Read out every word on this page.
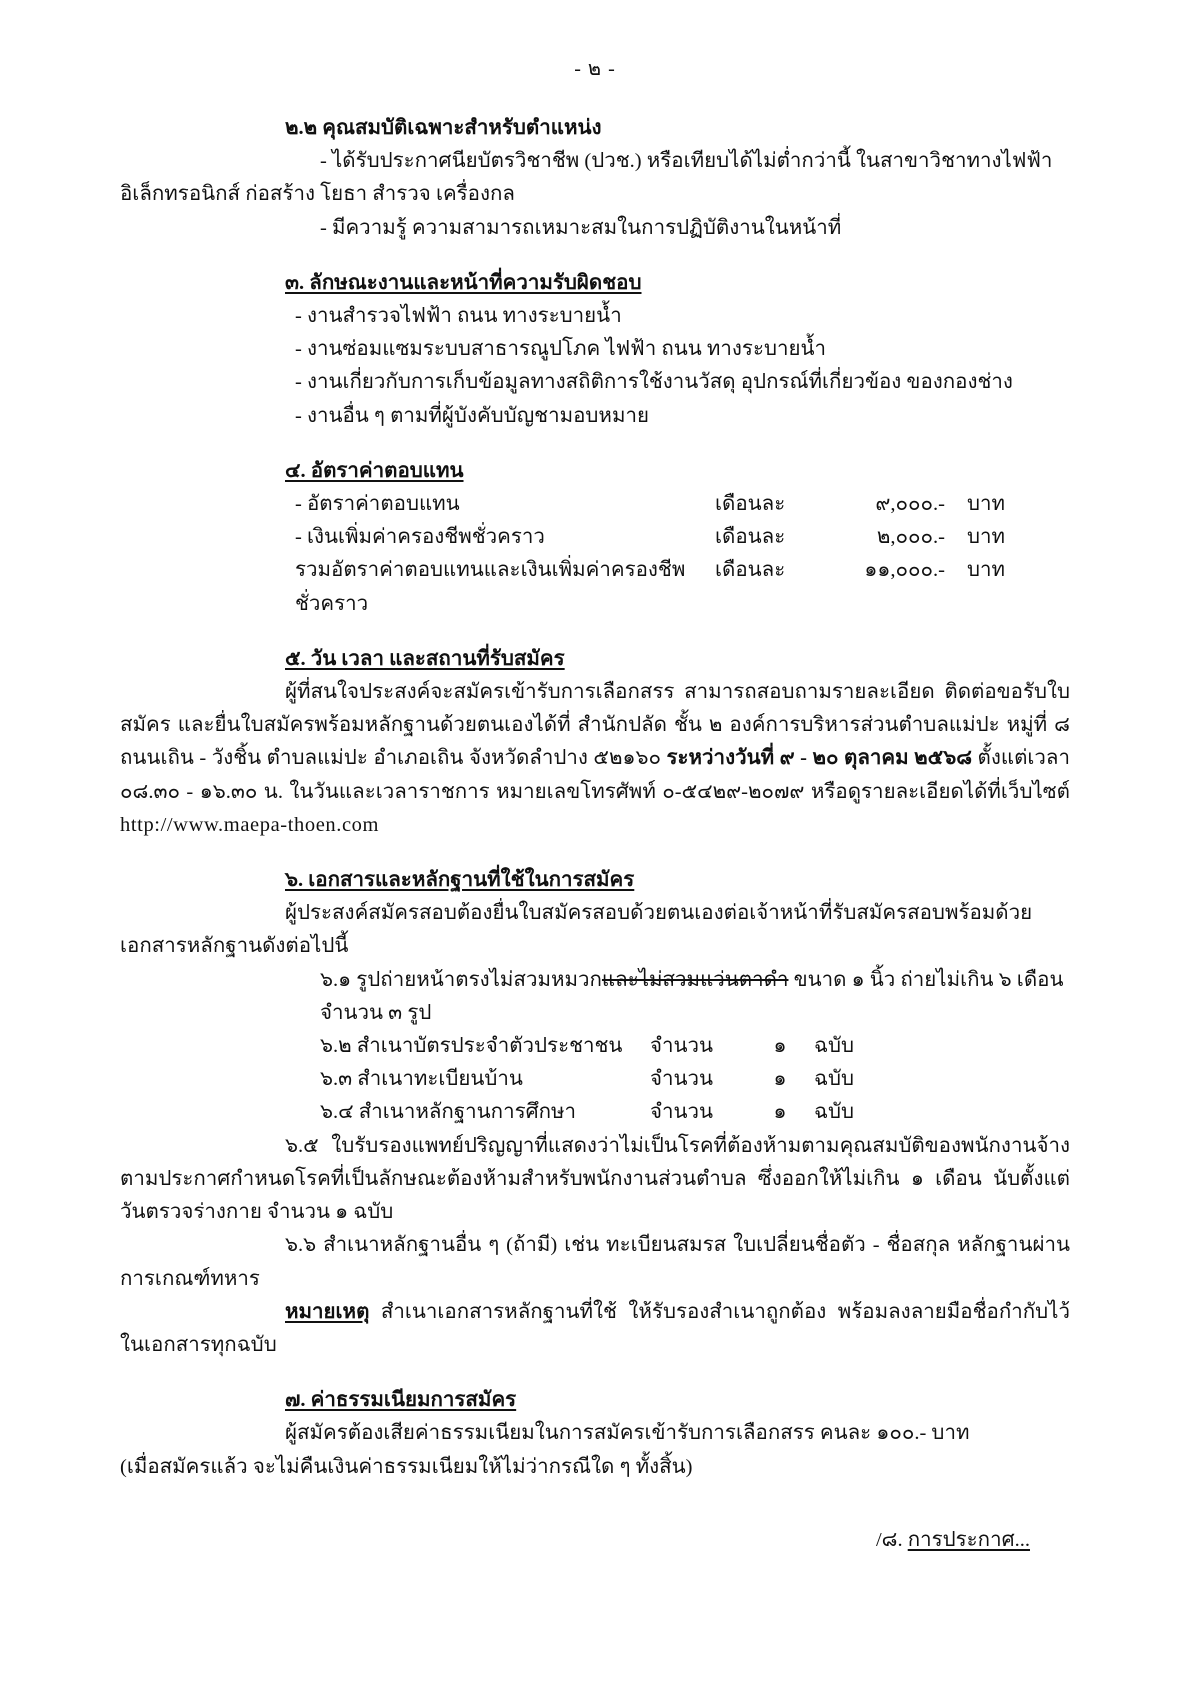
- ๒ -
๒.๒ คุณสมบัติเฉพาะสำหรับตำแหน่ง
- ได้รับประกาศนียบัตรวิชาชีพ (ปวช.) หรือเทียบได้ไม่ต่ำกว่านี้ ในสาขาวิชาทางไฟฟ้า
อิเล็กทรอนิกส์ ก่อสร้าง โยธา สำรวจ เครื่องกล
- มีความรู้ ความสามารถเหมาะสมในการปฏิบัติงานในหน้าที่
๓. ลักษณะงานและหน้าที่ความรับผิดชอบ
- งานสำรวจไฟฟ้า ถนน ทางระบายน้ำ
- งานซ่อมแซมระบบสาธารณูปโภค ไฟฟ้า ถนน ทางระบายน้ำ
- งานเกี่ยวกับการเก็บข้อมูลทางสถิติการใช้งานวัสดุ อุปกรณ์ที่เกี่ยวข้อง ของกองช่าง
- งานอื่น ๆ ตามที่ผู้บังคับบัญชามอบหมาย
๔. อัตราค่าตอบแทน
- อัตราค่าตอบแทน	เดือนละ	๙,๐๐๐.-	บาท
- เงินเพิ่มค่าครองชีพชั่วคราว	เดือนละ	๒,๐๐๐.-	บาท
รวมอัตราค่าตอบแทนและเงินเพิ่มค่าครองชีพชั่วคราว
เดือนละ	๑๑,๐๐๐.-	บาท
๕. วัน เวลา และสถานที่รับสมัคร
ผู้ที่สนใจประสงค์จะสมัครเข้ารับการเลือกสรร สามารถสอบถามรายละเอียด ติดต่อขอรับใบสมัคร และยื่นใบสมัครพร้อมหลักฐานด้วยตนเองได้ที่ สำนักปลัด ชั้น ๒ องค์การบริหารส่วนตำบลแม่ปะ หมู่ที่ ๘ ถนนเถิน - วังชิ้น ตำบลแม่ปะ อำเภอเถิน จังหวัดลำปาง ๕๒๑๖๐ ระหว่างวันที่ ๙ - ๒๐ ตุลาคม ๒๕๖๘ ตั้งแต่เวลา ๐๘.๓๐ - ๑๖.๓๐ น. ในวันและเวลาราชการ หมายเลขโทรศัพท์ ๐-๕๔๒๙-๒๐๗๙ หรือดูรายละเอียดได้ที่เว็บไซต์ http://www.maepa-thoen.com
๖. เอกสารและหลักฐานที่ใช้ในการสมัคร
ผู้ประสงค์สมัครสอบต้องยื่นใบสมัครสอบด้วยตนเองต่อเจ้าหน้าที่รับสมัครสอบพร้อมด้วยเอกสารหลักฐานดังต่อไปนี้
๖.๑ รูปถ่ายหน้าตรงไม่สวมหมวกและไม่สวมแว่นตาดำ ขนาด ๑ นิ้ว ถ่ายไม่เกิน ๖ เดือน จำนวน ๓ รูป
๖.๒ สำเนาบัตรประจำตัวประชาชน	จำนวน	๑	ฉบับ
๖.๓ สำเนาทะเบียนบ้าน	จำนวน	๑	ฉบับ
๖.๔ สำเนาหลักฐานการศึกษา	จำนวน	๑	ฉบับ
๖.๕ ใบรับรองแพทย์ปริญญาที่แสดงว่าไม่เป็นโรคที่ต้องห้ามตามคุณสมบัติของพนักงานจ้างตามประกาศกำหนดโรคที่เป็นลักษณะต้องห้ามสำหรับพนักงานส่วนตำบล ซึ่งออกให้ไม่เกิน ๑ เดือน นับตั้งแต่วันตรวจร่างกาย จำนวน ๑ ฉบับ
๖.๖ สำเนาหลักฐานอื่น ๆ (ถ้ามี) เช่น ทะเบียนสมรส ใบเปลี่ยนชื่อตัว - ชื่อสกุล หลักฐานผ่านการเกณฑ์ทหาร
หมายเหตุ สำเนาเอกสารหลักฐานที่ใช้ ให้รับรองสำเนาถูกต้อง พร้อมลงลายมือชื่อกำกับไว้ในเอกสารทุกฉบับ
๗. ค่าธรรมเนียมการสมัคร
ผู้สมัครต้องเสียค่าธรรมเนียมในการสมัครเข้ารับการเลือกสรร คนละ ๑๐๐.- บาท
(เมื่อสมัครแล้ว จะไม่คืนเงินค่าธรรมเนียมให้ไม่ว่ากรณีใด ๆ ทั้งสิ้น)
/๘. การประกาศ...
